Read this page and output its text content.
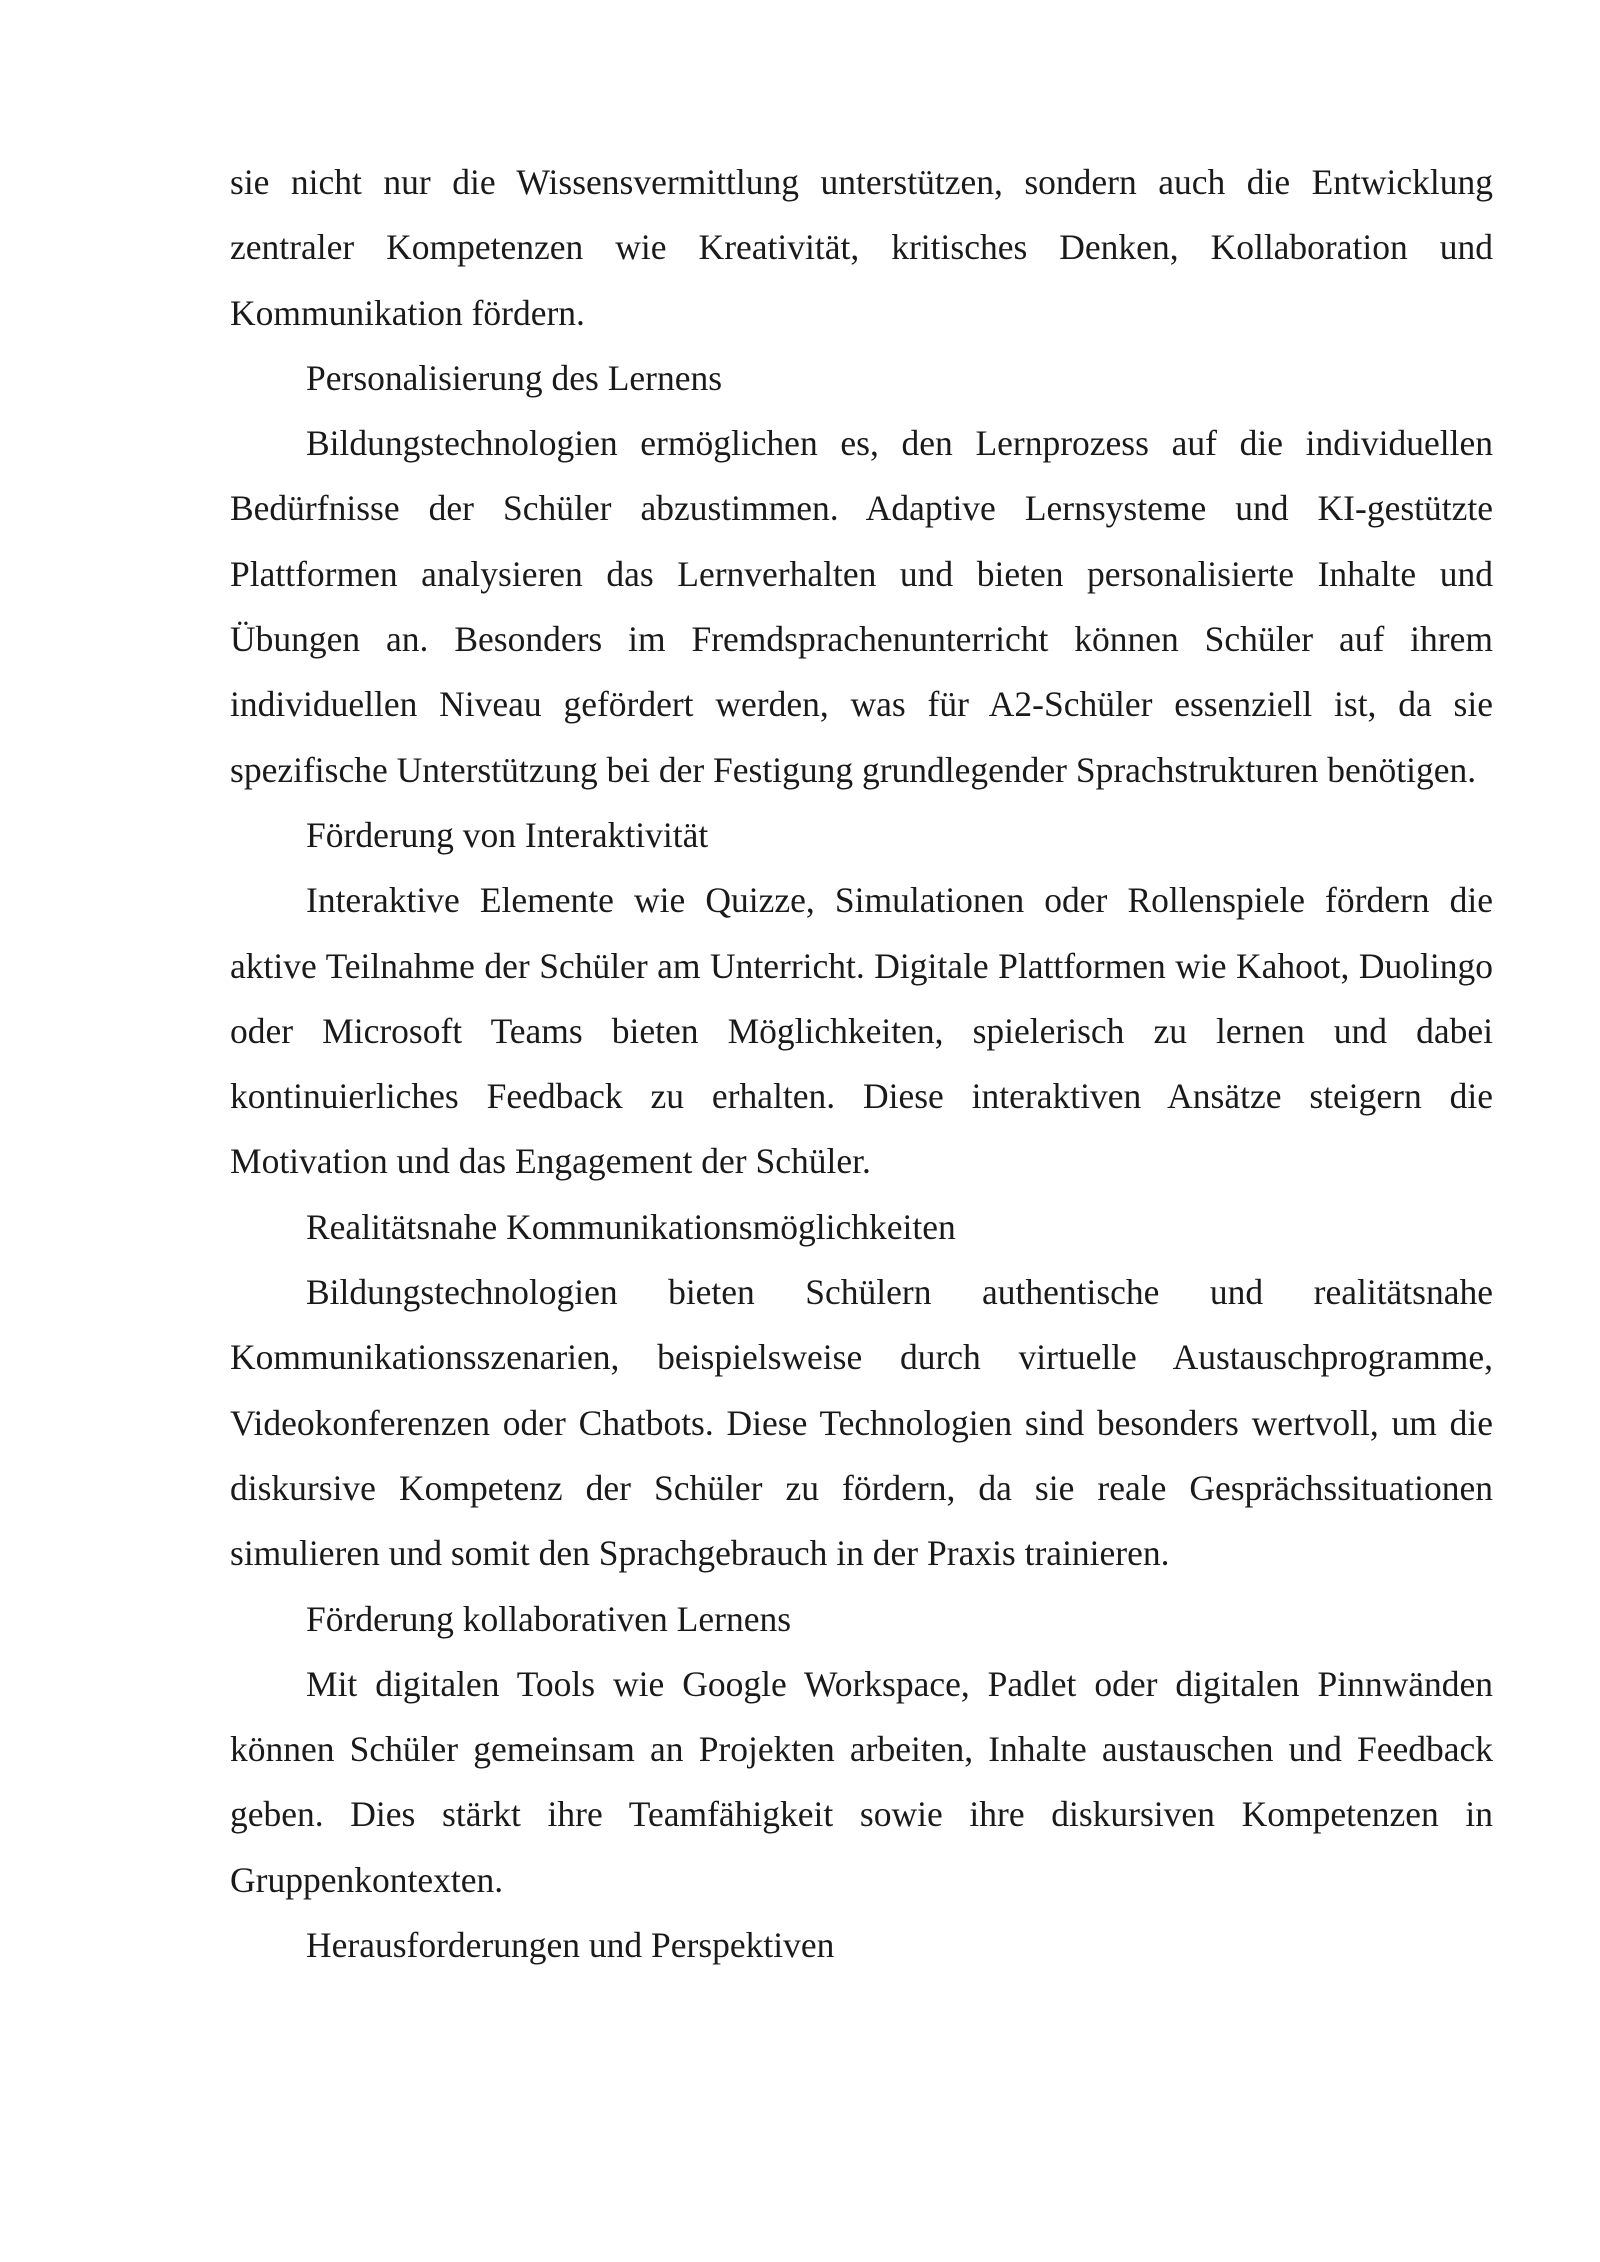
sie nicht nur die Wissensvermittlung unterstützen, sondern auch die Entwicklung zentraler Kompetenzen wie Kreativität, kritisches Denken, Kollaboration und Kommunikation fördern.

Personalisierung des Lernens

Bildungstechnologien ermöglichen es, den Lernprozess auf die individuellen Bedürfnisse der Schüler abzustimmen. Adaptive Lernsysteme und KI-gestützte Plattformen analysieren das Lernverhalten und bieten personalisierte Inhalte und Übungen an. Besonders im Fremdsprachenunterricht können Schüler auf ihrem individuellen Niveau gefördert werden, was für A2-Schüler essenziell ist, da sie spezifische Unterstützung bei der Festigung grundlegender Sprachstrukturen benötigen.

Förderung von Interaktivität

Interaktive Elemente wie Quizze, Simulationen oder Rollenspiele fördern die aktive Teilnahme der Schüler am Unterricht. Digitale Plattformen wie Kahoot, Duolingo oder Microsoft Teams bieten Möglichkeiten, spielerisch zu lernen und dabei kontinuierliches Feedback zu erhalten. Diese interaktiven Ansätze steigern die Motivation und das Engagement der Schüler.

Realitätsnahe Kommunikationsmöglichkeiten

Bildungstechnologien bieten Schülern authentische und realitätsnahe Kommunikationsszenarien, beispielsweise durch virtuelle Austauschprogramme, Videokonferenzen oder Chatbots. Diese Technologien sind besonders wertvoll, um die diskursive Kompetenz der Schüler zu fördern, da sie reale Gesprächssituationen simulieren und somit den Sprachgebrauch in der Praxis trainieren.

Förderung kollaborativen Lernens

Mit digitalen Tools wie Google Workspace, Padlet oder digitalen Pinnwänden können Schüler gemeinsam an Projekten arbeiten, Inhalte austauschen und Feedback geben. Dies stärkt ihre Teamfähigkeit sowie ihre diskursiven Kompetenzen in Gruppenkontexten.

Herausforderungen und Perspektiven
